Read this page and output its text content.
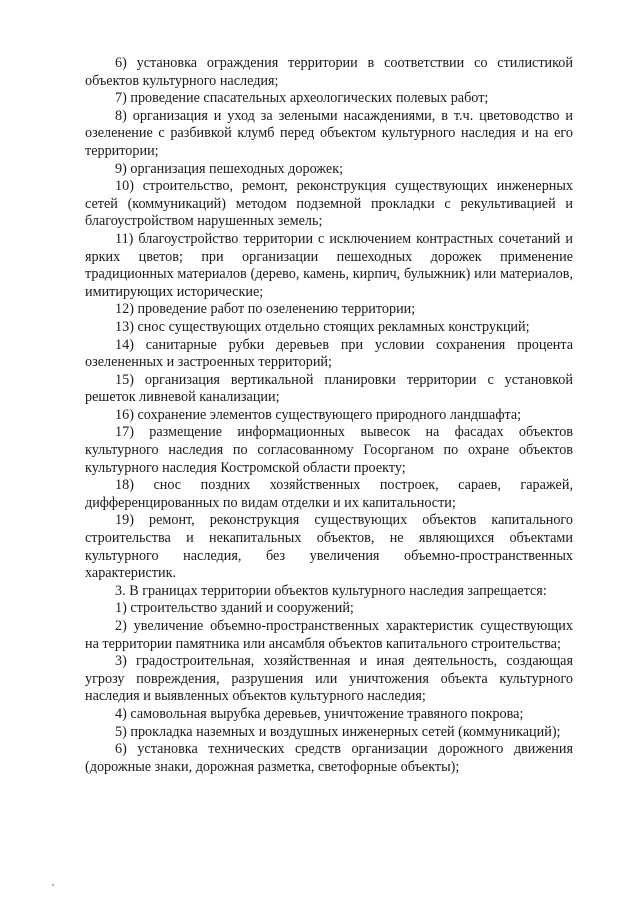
6) установка ограждения территории в соответствии со стилистикой объектов культурного наследия;

7) проведение спасательных археологических полевых работ;

8) организация и уход за зелеными насаждениями, в т.ч. цветоводство и озеленение с разбивкой клумб перед объектом культурного наследия и на его территории;

9) организация пешеходных дорожек;

10) строительство, ремонт, реконструкция существующих инженерных сетей (коммуникаций) методом подземной прокладки с рекультивацией и благоустройством нарушенных земель;

11) благоустройство территории с исключением контрастных сочетаний и ярких цветов; при организации пешеходных дорожек применение традиционных материалов (дерево, камень, кирпич, булыжник) или материалов, имитирующих исторические;

12) проведение работ по озеленению территории;

13) снос существующих отдельно стоящих рекламных конструкций;

14) санитарные рубки деревьев при условии сохранения процента озелененных и застроенных территорий;

15) организация вертикальной планировки территории с установкой решеток ливневой канализации;

16) сохранение элементов существующего природного ландшафта;

17) размещение информационных вывесок на фасадах объектов культурного наследия по согласованному Госорганом по охране объектов культурного наследия Костромской области проекту;

18) снос поздних хозяйственных построек, сараев, гаражей, дифференцированных по видам отделки и их капитальности;

19) ремонт, реконструкция существующих объектов капитального строительства и некапитальных объектов, не являющихся объектами культурного наследия, без увеличения объемно-пространственных характеристик.

3. В границах территории объектов культурного наследия запрещается:

1) строительство зданий и сооружений;

2) увеличение объемно-пространственных характеристик существующих на территории памятника или ансамбля объектов капитального строительства;

3) градостроительная, хозяйственная и иная деятельность, создающая угрозу повреждения, разрушения или уничтожения объекта культурного наследия и выявленных объектов культурного наследия;

4) самовольная вырубка деревьев, уничтожение травяного покрова;

5) прокладка наземных и воздушных инженерных сетей (коммуникаций);

6) установка технических средств организации дорожного движения (дорожные знаки, дорожная разметка, светофорные объекты);
